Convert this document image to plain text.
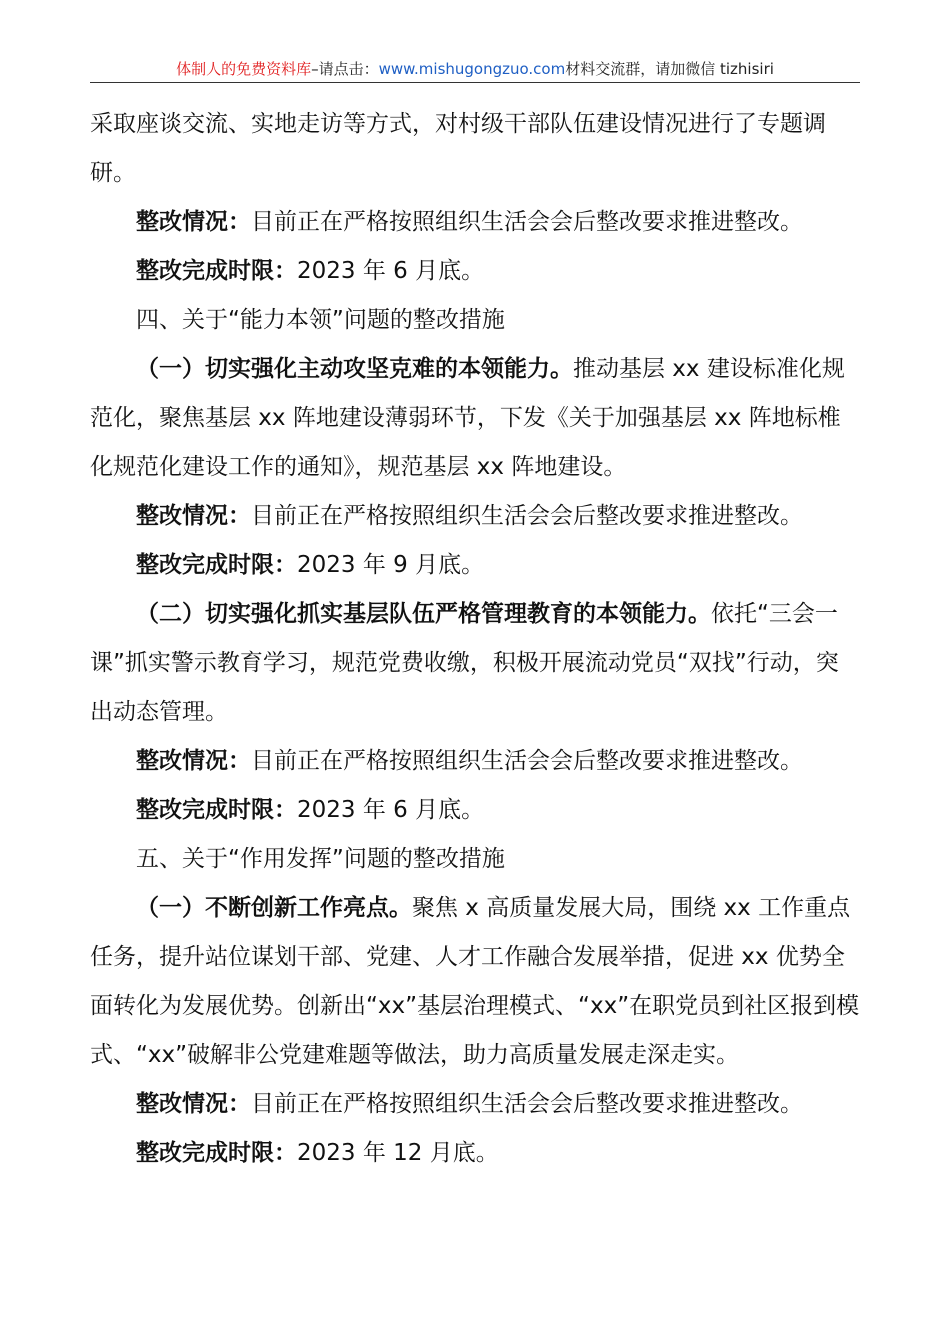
体制人的免费资料库–请点击：www.mishugongzuo.com材料交流群，请加微信 tizhisiri

采取座谈交流、实地走访等方式，对村级干部队伍建设情况进行了专题调研。

整改情况：目前正在严格按照组织生活会会后整改要求推进整改。

整改完成时限：2023 年 6 月底。

四、关于“能力本领”问题的整改措施

（一）切实强化主动攻坚克难的本领能力。推动基层 xx 建设标准化规范化，聚焦基层 xx 阵地建设薄弱环节，下发《关于加强基层 xx 阵地标椎化规范化建设工作的通知》，规范基层 xx 阵地建设。

整改情况：目前正在严格按照组织生活会会后整改要求推进整改。

整改完成时限：2023 年 9 月底。

（二）切实强化抓实基层队伍严格管理教育的本领能力。依托“三会一课”抓实警示教育学习，规范党费收缴，积极开展流动党员“双找”行动，突出动态管理。

整改情况：目前正在严格按照组织生活会会后整改要求推进整改。

整改完成时限：2023 年 6 月底。

五、关于“作用发挥”问题的整改措施

（一）不断创新工作亮点。聚焦 x 高质量发展大局，围绕 xx 工作重点任务，提升站位谋划干部、党建、人才工作融合发展举措，促进 xx 优势全面转化为发展优势。创新出“xx”基层治理模式、“xx”在职党员到社区报到模式、“xx”破解非公党建难题等做法，助力高质量发展走深走实。

整改情况：目前正在严格按照组织生活会会后整改要求推进整改。

整改完成时限：2023 年 12 月底。
